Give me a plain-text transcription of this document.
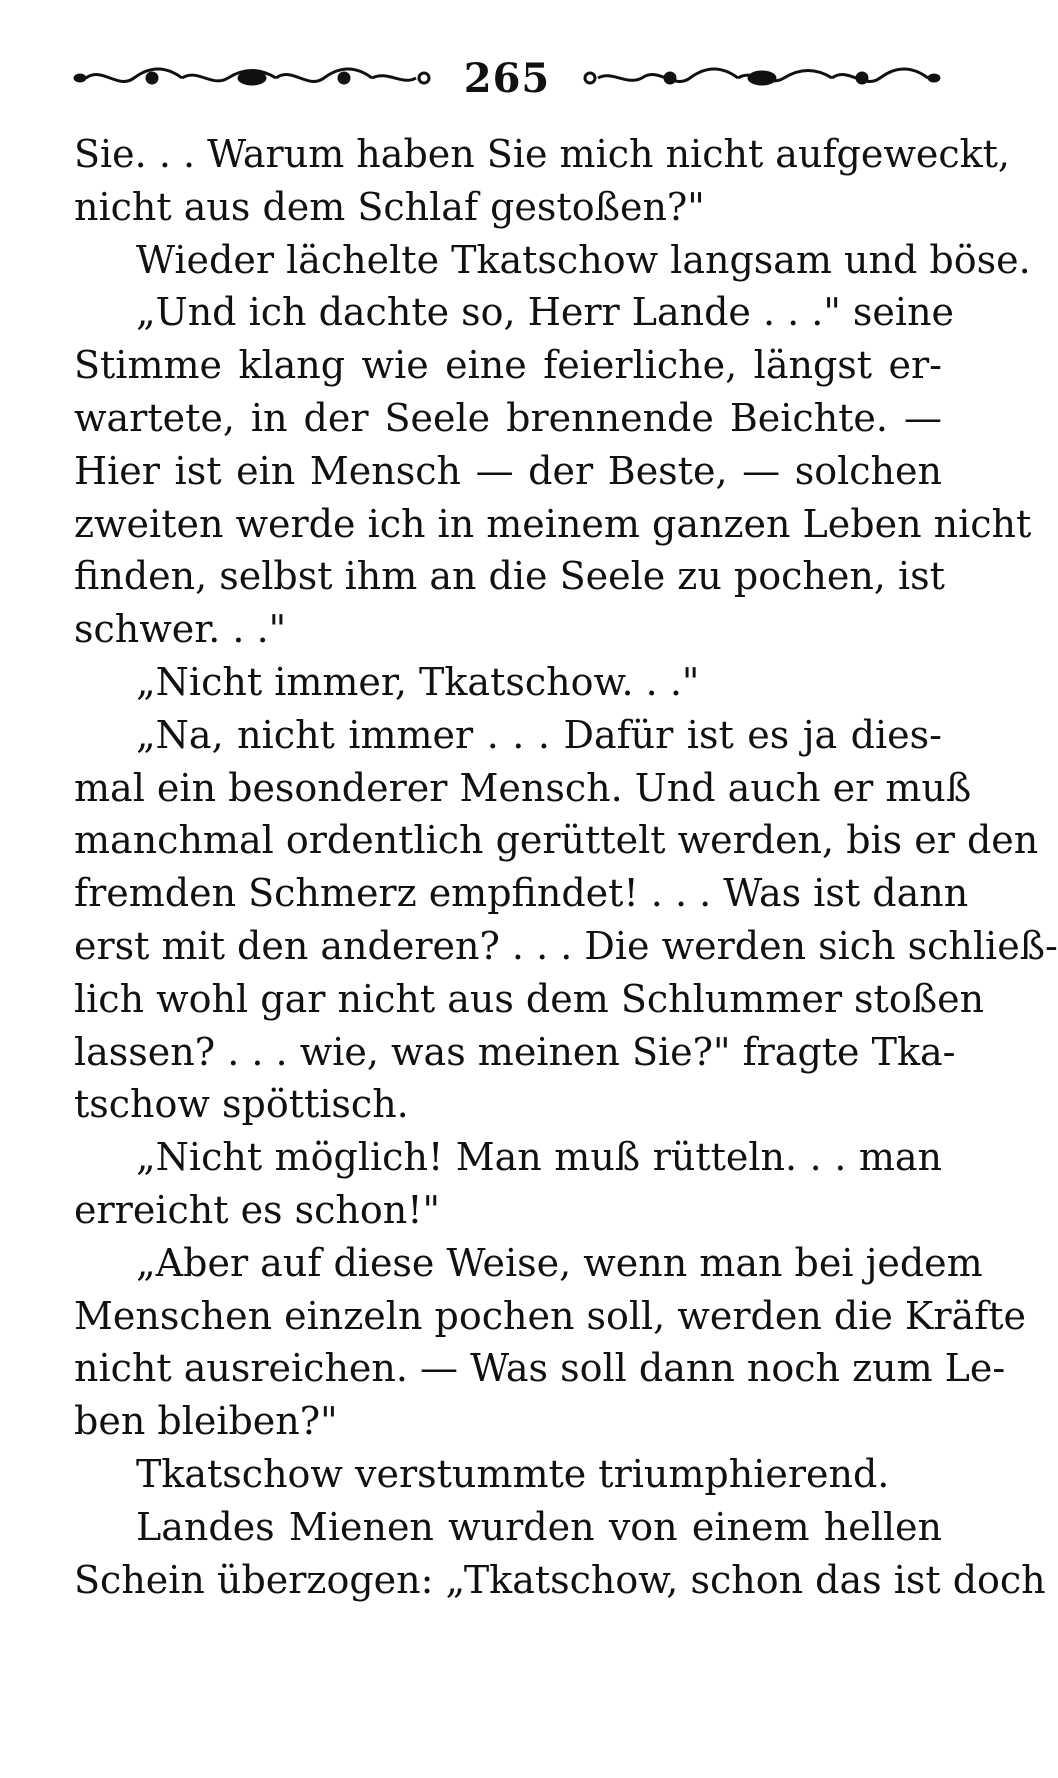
265
Sie. . . Warum haben Sie mich nicht aufgeweckt,
nicht aus dem Schlaf gestoßen?"
Wieder lächelte Tkatschow langsam und böse.
„Und ich dachte so, Herr Lande . . ." seine
Stimme klang wie eine feierliche, längst er-
wartete, in der Seele brennende Beichte. —
Hier ist ein Mensch — der Beste, — solchen
zweiten werde ich in meinem ganzen Leben nicht
finden, selbst ihm an die Seele zu pochen, ist
schwer. . ."
„Nicht immer, Tkatschow. . ."
„Na, nicht immer . . . Dafür ist es ja dies-
mal ein besonderer Mensch. Und auch er muß
manchmal ordentlich gerüttelt werden, bis er den
fremden Schmerz empfindet! . . . Was ist dann
erst mit den anderen? . . . Die werden sich schließ-
lich wohl gar nicht aus dem Schlummer stoßen
lassen? . . . wie, was meinen Sie?" fragte Tka-
tschow spöttisch.
„Nicht möglich! Man muß rütteln. . . man
erreicht es schon!"
„Aber auf diese Weise, wenn man bei jedem
Menschen einzeln pochen soll, werden die Kräfte
nicht ausreichen. — Was soll dann noch zum Le-
ben bleiben?"
Tkatschow verstummte triumphierend.
Landes Mienen wurden von einem hellen
Schein überzogen: „Tkatschow, schon das ist doch
